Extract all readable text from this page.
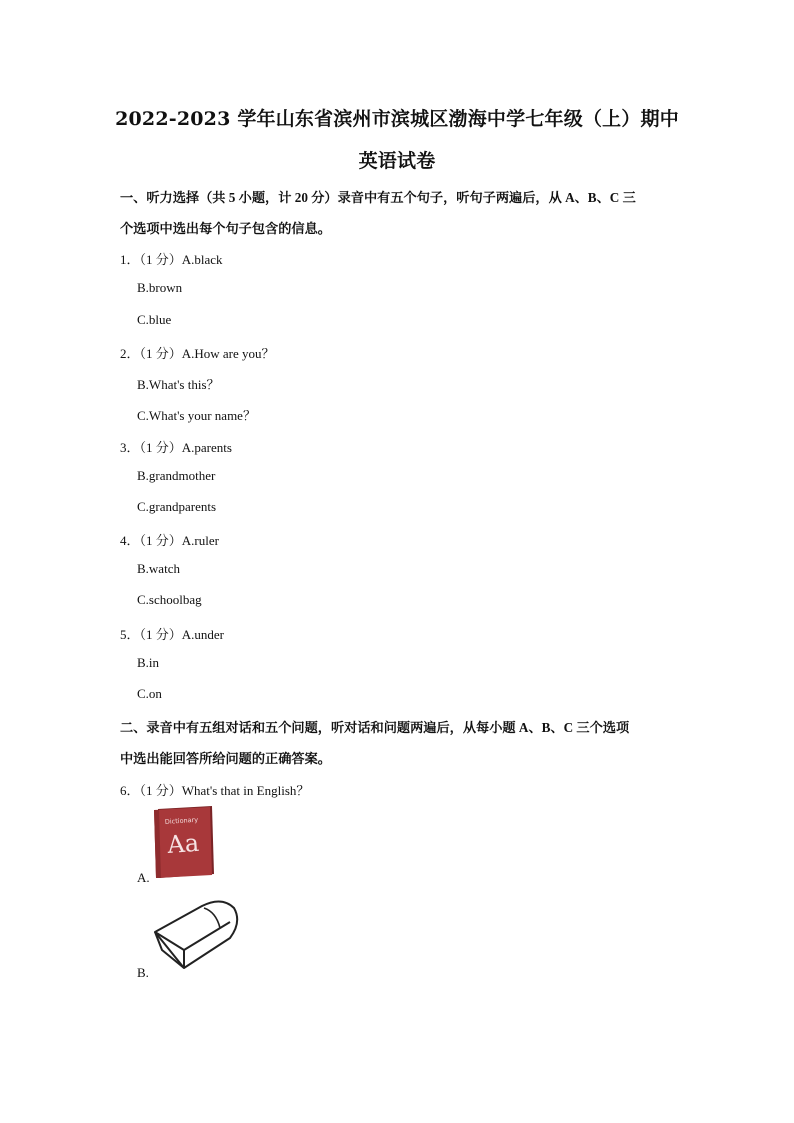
2022-2023 学年山东省滨州市滨城区渤海中学七年级（上）期中
英语试卷
一、听力选择（共 5 小题，计 20 分）录音中有五个句子，听句子两遍后，从 A、B、C 三
个选项中选出每个句子包含的信息。
1．（1 分）A.black
B.brown
C.blue
2．（1 分）A.How are you？
B.What's this？
C.What's your name？
3．（1 分）A.parents
B.grandmother
C.grandparents
4．（1 分）A.ruler
B.watch
C.schoolbag
5．（1 分）A.under
B.in
C.on
二、录音中有五组对话和五个问题，听对话和问题两遍后，从每小题 A、B、C 三个选项
中选出能回答所给问题的正确答案。
6．（1 分）What's that in English？
Dictionary
Aa
A.
B.
